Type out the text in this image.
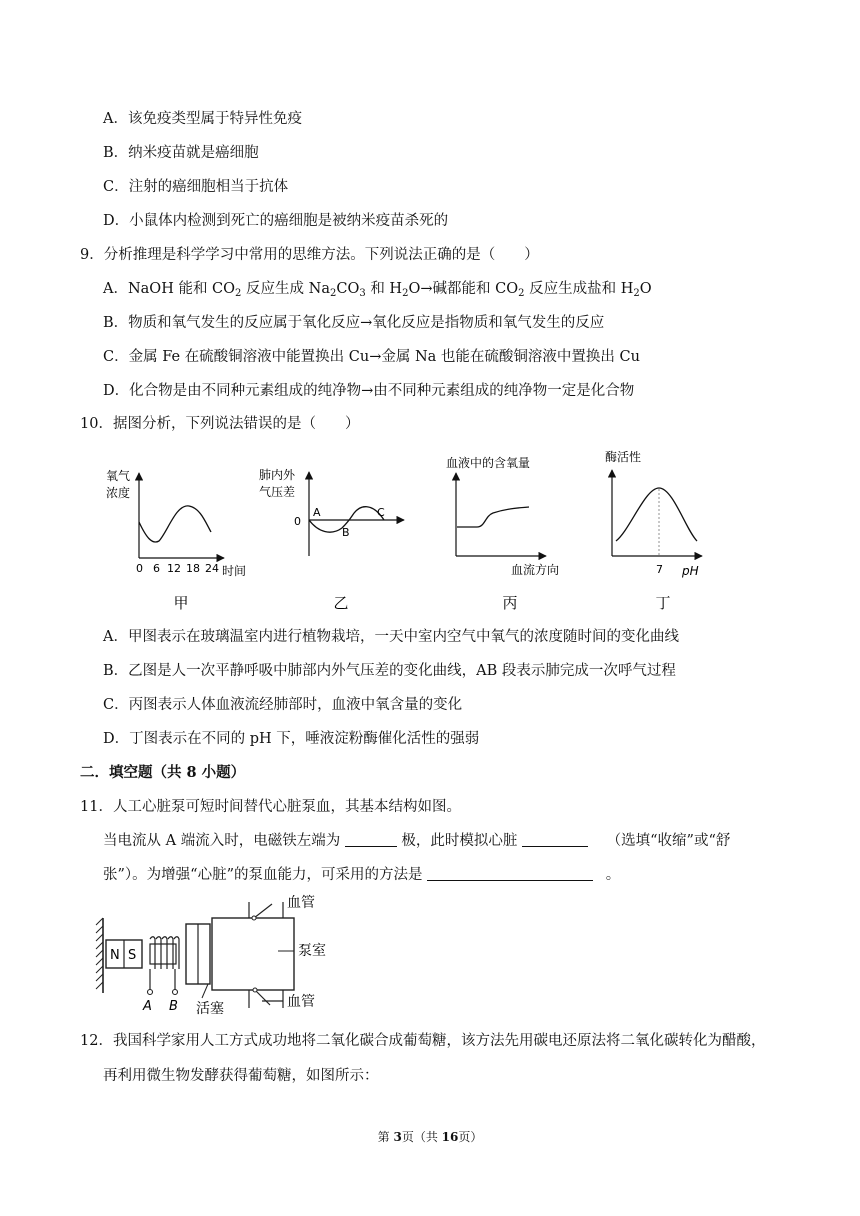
A．该免疫类型属于特异性免疫
B．纳米疫苗就是癌细胞
C．注射的癌细胞相当于抗体
D．小鼠体内检测到死亡的癌细胞是被纳米疫苗杀死的
9．分析推理是科学学习中常用的思维方法。下列说法正确的是（　　）
A．NaOH 能和 $CO_2$ 反应生成 $Na_2CO_3$ 和 $H_2O\to$碱都能和 $CO_2$ 反应生成盐和 $H_2O$
B．物质和氧气发生的反应属于氧化反应→氧化反应是指物质和氧气发生的反应
C．金属 Fe 在硫酸铜溶液中能置换出 Cu→金属 Na 也能在硫酸铜溶液中置换出 Cu
D．化合物是由不同种元素组成的纯净物→由不同种元素组成的纯净物一定是化合物
10．据图分析，下列说法错误的是（　　）
氧气
浓度
0 6 12 18 24 时间
甲
肺内外
气压差
0
A
B
C
乙
血液中的含氧量
血流方向
丙
酶活性
7 pH
丁
A．甲图表示在玻璃温室内进行植物栽培，一天中室内空气中氧气的浓度随时间的变化曲线
B．乙图是人一次平静呼吸中肺部内外气压差的变化曲线，AB 段表示肺完成一次呼气过程
C．丙图表示人体血液流经肺部时，血液中氧含量的变化
D．丁图表示在不同的 pH 下，唾液淀粉酶催化活性的强弱
二．填空题（共 8 小题）
11．人工心脏泵可短时间替代心脏泵血，其基本结构如图。
当电流从 A 端流入时，电磁铁左端为	极，此时模拟心脏	（选填“收缩”或“舒
张”）。为增强“心脏”的泵血能力，可采用的方法是	。
N S
A B 活塞
血管
泵室
血管
12．我国科学家用人工方式成功地将二氧化碳合成葡萄糖，该方法先用碳电还原法将二氧化碳转化为醋酸，
再利用微生物发酵获得葡萄糖，如图所示：
第 3页（共 16页）
